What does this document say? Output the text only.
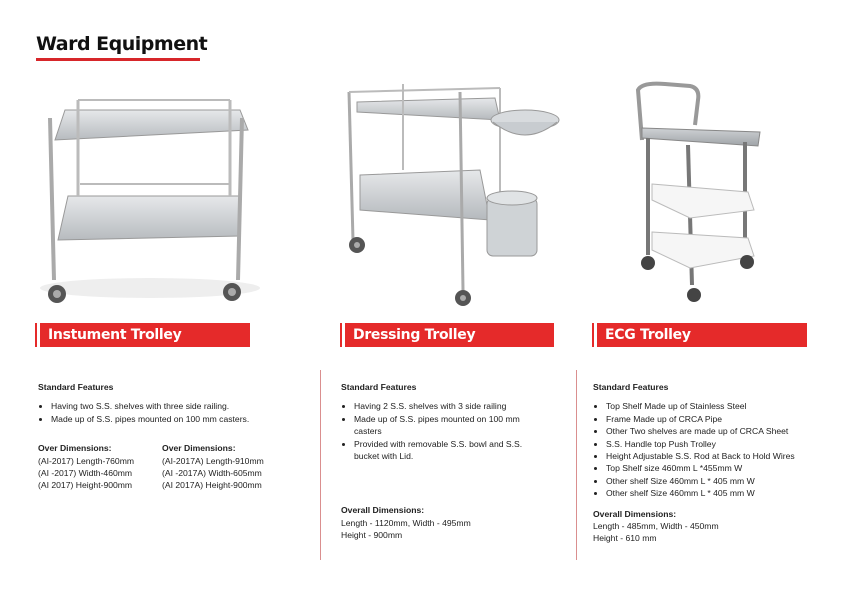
Ward Equipment
Instument Trolley	Dressing Trolley	ECG Trolley
Standard Features
• Having two S.S. shelves with three side railing.
• Made up of S.S. pipes mounted on 100 mm casters.
Over Dimensions:
(AI-2017) Length-760mm
(AI -2017) Width-460mm
(AI 2017) Height-900mm
Over Dimensions:
(AI-2017A) Length-910mm
(AI -2017A) Width-605mm
(AI 2017A) Height-900mm
Standard Features
• Having 2 S.S. shelves with 3 side railing
• Made up of S.S. pipes mounted on 100 mm casters
• Provided with removable S.S. bowl and S.S. bucket with Lid.
Overall Dimensions:
Length - 1120mm, Width - 495mm
Height - 900mm
Standard Features
• Top Shelf Made up of Stainless Steel
• Frame Made up of CRCA Pipe
• Other Two shelves are made up of CRCA Sheet
• S.S. Handle top Push Trolley
• Height Adjustable S.S. Rod at Back to Hold Wires
• Top Shelf size 460mm L *455mm W
• Other shelf Size 460mm L * 405 mm W
• Other shelf Size 460mm L * 405 mm W
Overall Dimensions:
Length - 485mm, Width - 450mm
Height - 610 mm
